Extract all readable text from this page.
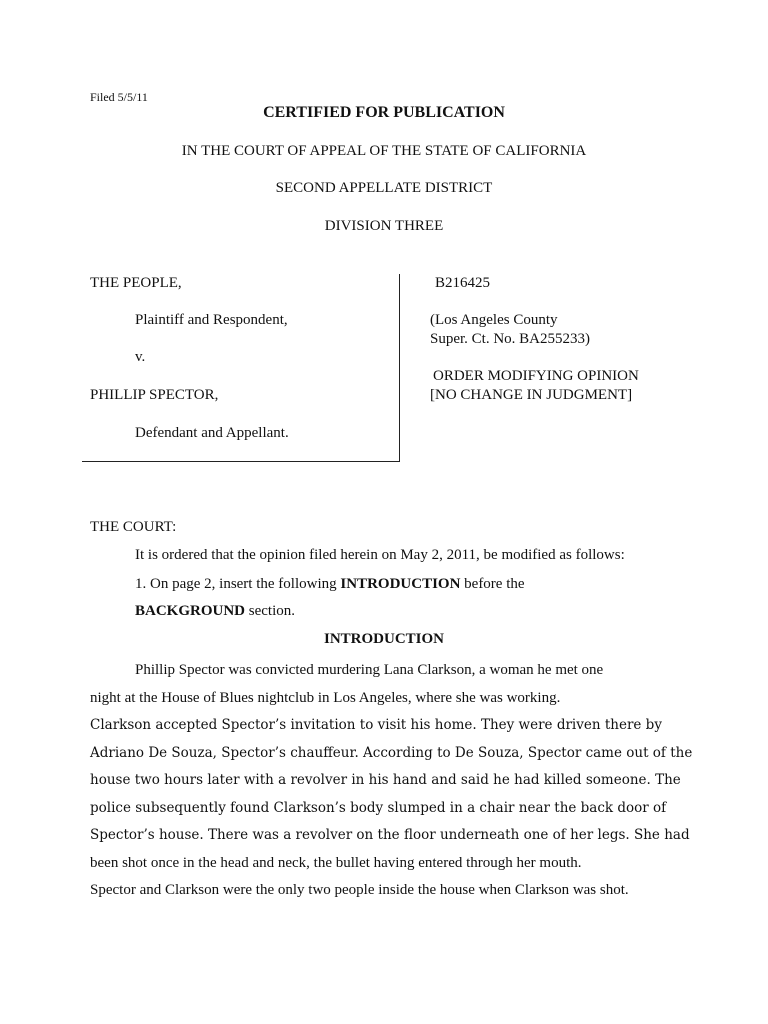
Filed 5/5/11
CERTIFIED FOR PUBLICATION
IN THE COURT OF APPEAL OF THE STATE OF CALIFORNIA
SECOND APPELLATE DISTRICT
DIVISION THREE
THE PEOPLE,
Plaintiff and Respondent,
v.
PHILLIP SPECTOR,
Defendant and Appellant.
B216425
(Los Angeles County
Super. Ct. No. BA255233)
ORDER MODIFYING OPINION
[NO CHANGE IN JUDGMENT]
THE COURT:
It is ordered that the opinion filed herein on May 2, 2011, be modified as follows:
1. On page 2, insert the following INTRODUCTION before the
BACKGROUND section.
INTRODUCTION
Phillip Spector was convicted murdering Lana Clarkson, a woman he met one
night at the House of Blues nightclub in Los Angeles, where she was working.
Clarkson accepted Spector’s invitation to visit his home. They were driven there by
Adriano De Souza, Spector’s chauffeur. According to De Souza, Spector came out of the
house two hours later with a revolver in his hand and said he had killed someone. The
police subsequently found Clarkson’s body slumped in a chair near the back door of
Spector’s house. There was a revolver on the floor underneath one of her legs. She had
been shot once in the head and neck, the bullet having entered through her mouth.
Spector and Clarkson were the only two people inside the house when Clarkson was shot.
